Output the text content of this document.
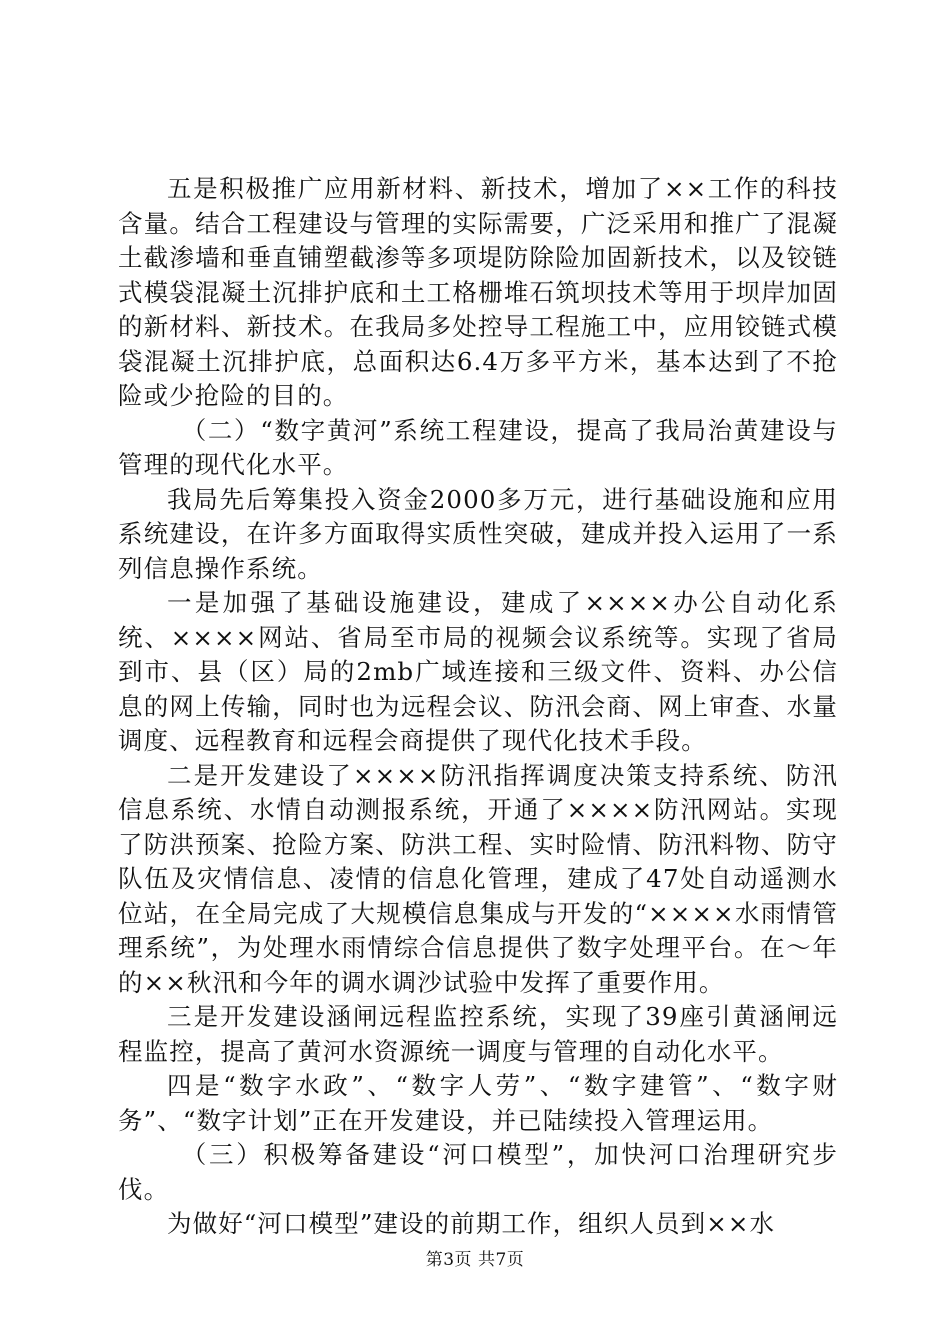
五是积极推广应用新材料、新技术，增加了××工作的科技含量。结合工程建设与管理的实际需要，广泛采用和推广了混凝土截渗墙和垂直铺塑截渗等多项堤防除险加固新技术，以及铰链式模袋混凝土沉排护底和土工格栅堆石筑坝技术等用于坝岸加固的新材料、新技术。在我局多处控导工程施工中，应用铰链式模袋混凝土沉排护底，总面积达6.4万多平方米，基本达到了不抢险或少抢险的目的。

（二）“数字黄河”系统工程建设，提高了我局治黄建设与管理的现代化水平。

我局先后筹集投入资金2000多万元，进行基础设施和应用系统建设，在许多方面取得实质性突破，建成并投入运用了一系列信息操作系统。

一是加强了基础设施建设，建成了××××办公自动化系统、××××网站、省局至市局的视频会议系统等。实现了省局到市、县（区）局的2mb广域连接和三级文件、资料、办公信息的网上传输，同时也为远程会议、防汛会商、网上审查、水量调度、远程教育和远程会商提供了现代化技术手段。

二是开发建设了××××防汛指挥调度决策支持系统、防汛信息系统、水情自动测报系统，开通了××××防汛网站。实现了防洪预案、抢险方案、防洪工程、实时险情、防汛料物、防守队伍及灾情信息、凌情的信息化管理，建成了47处自动遥测水位站，在全局完成了大规模信息集成与开发的“××××水雨情管理系统”，为处理水雨情综合信息提供了数字处理平台。在～年的××秋汛和今年的调水调沙试验中发挥了重要作用。

三是开发建设涵闸远程监控系统，实现了39座引黄涵闸远程监控，提高了黄河水资源统一调度与管理的自动化水平。

四是“数字水政”、“数字人劳”、“数字建管”、“数字财务”、“数字计划”正在开发建设，并已陆续投入管理运用。

（三）积极筹备建设“河口模型”，加快河口治理研究步伐。

为做好“河口模型”建设的前期工作，组织人员到××水

第3页 共7页
